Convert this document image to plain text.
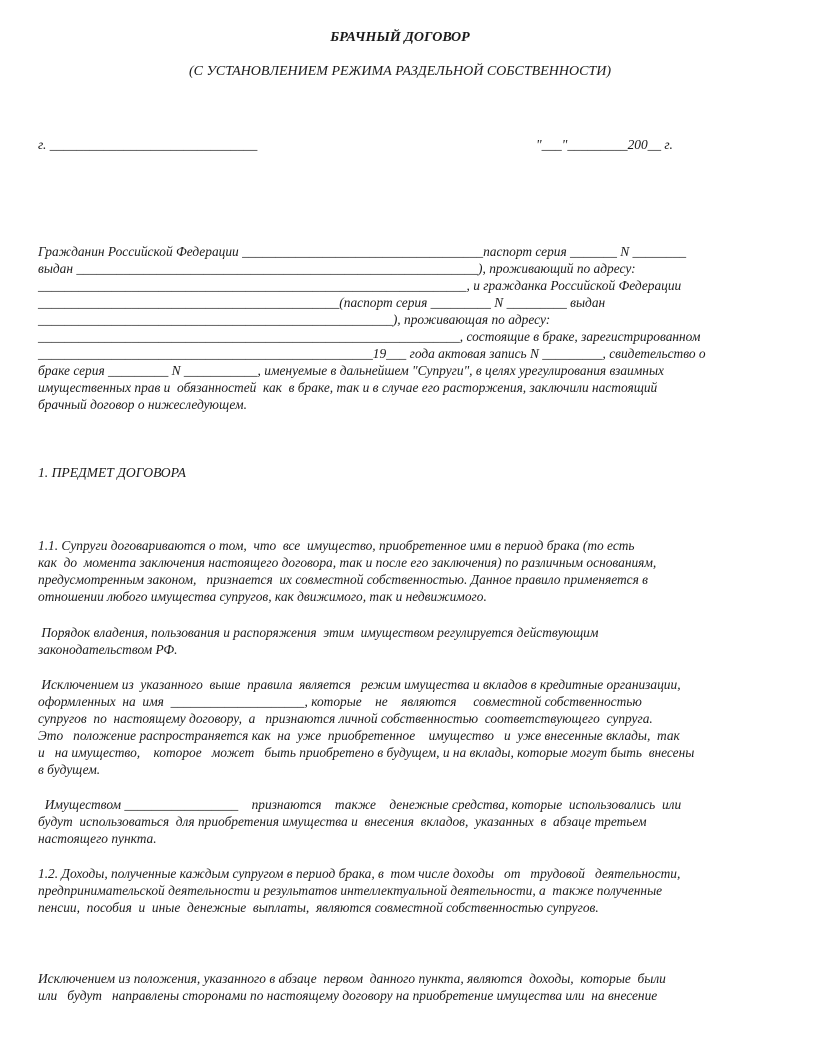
БРАЧНЫЙ ДОГОВОР
(С УСТАНОВЛЕНИЕМ РЕЖИМА РАЗДЕЛЬНОЙ СОБСТВЕННОСТИ)
г. _______________________________	"___"_________200__ г.
Гражданин Российской Федерации ____________________________________паспорт серия _______ N ________
выдан ____________________________________________________________), проживающий по адресу:
________________________________________________________________, и гражданка Российской Федерации
_____________________________________________(паспорт серия _________ N _________ выдан
_____________________________________________________), проживающая по адресу:
_______________________________________________________________, состоящие в браке, зарегистрированном
__________________________________________________19___ года актовая запись N _________, свидетельство о
браке серия _________ N ___________, именуемые в дальнейшем "Супруги", в целях урегулирования взаимных
имущественных прав и  обязанностей  как  в браке, так и в случае его расторжения, заключили настоящий
брачный договор о нижеследующем.
1. ПРЕДМЕТ ДОГОВОРА
1.1. Супруги договариваются о том,  что  все  имущество, приобретенное ими в период брака (то есть
как  до  момента заключения настоящего договора, так и после его заключения) по различным основаниям,
предусмотренным законом,   признается  их совместной собственностью. Данное правило применяется в
отношении любого имущества супругов, как движимого, так и недвижимого.
Порядок владения, пользования и распоряжения  этим  имуществом регулируется действующим
законодательством РФ.
Исключением из  указанного  выше  правила  является   режим имущества и вкладов в кредитные организации,
оформленных  на  имя  ____________________, которые    не    являются     совместной собственностью
супругов  по  настоящему договору,  а   признаются личной собственностью  соответствующего  супруга.
Это   положение распространяется как  на  уже  приобретенное    имущество   и  уже внесенные вклады,  так
и   на имущество,    которое   может   быть приобретено в будущем, и на вклады, которые могут быть  внесены
в будущем.
Имуществом _________________    признаются    также    денежные средства, которые  использовались  или
будут  использоваться  для приобретения имущества и  внесения  вкладов,  указанных  в  абзаце третьем
настоящего пункта.
1.2. Доходы, полученные каждым супругом в период брака, в  том числе доходы   от   трудовой   деятельности,
предпринимательской деятельности и результатов интеллектуальной деятельности, а  также полученные
пенсии,  пособия  и  иные  денежные  выплаты,  являются совместной собственностью супругов.
Исключением из положения, указанного в абзаце  первом  данного пункта, являются  доходы,  которые  были
или   будут   направлены сторонами по настоящему договору на приобретение имущества или  на внесение
